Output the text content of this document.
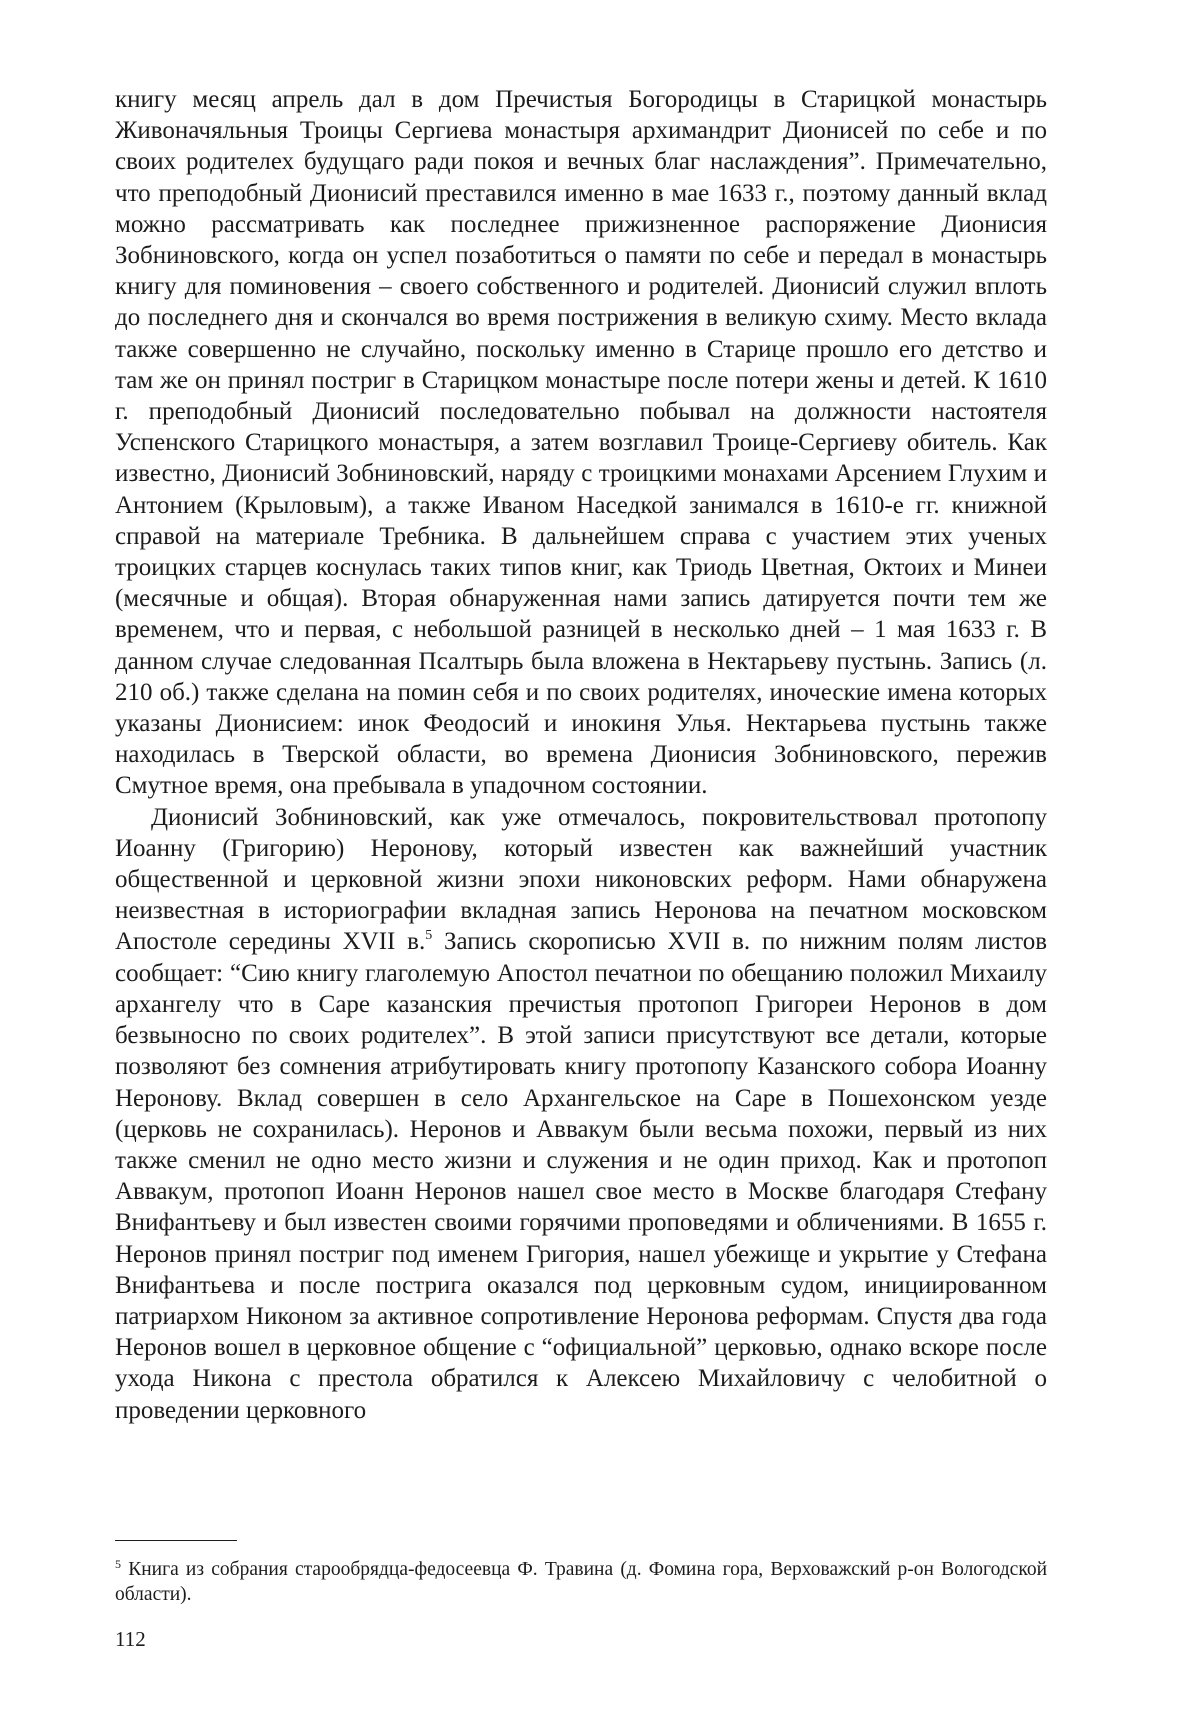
книгу месяц апрель дал в дом Пречистыя Богородицы в Старицкой монастырь Живоначяльныя Троицы Сергиева монастыря архимандрит Дионисей по себе и по своих родителех будущаго ради покоя и вечных благ наслаждения”. Примечательно, что преподобный Дионисий преставился именно в мае 1633 г., поэтому данный вклад можно рассматривать как последнее прижизненное распоряжение Дионисия Зобниновского, когда он успел позаботиться о памяти по себе и передал в монастырь книгу для поминовения – своего собственного и родителей. Дионисий служил вплоть до последнего дня и скончался во время пострижения в великую схиму. Место вклада также совершенно не случайно, поскольку именно в Старице прошло его детство и там же он принял постриг в Старицком монастыре после потери жены и детей. К 1610 г. преподобный Дионисий последовательно побывал на должности настоятеля Успенского Старицкого монастыря, а затем возглавил Троице-Сергиеву обитель. Как известно, Дионисий Зобниновский, наряду с троицкими монахами Арсением Глухим и Антонием (Крыловым), а также Иваном Наседкой занимался в 1610-е гг. книжной справой на материале Требника. В дальнейшем справа с участием этих ученых троицких старцев коснулась таких типов книг, как Триодь Цветная, Октоих и Минеи (месячные и общая). Вторая обнаруженная нами запись датируется почти тем же временем, что и первая, с небольшой разницей в несколько дней – 1 мая 1633 г. В данном случае следованная Псалтырь была вложена в Нектарьеву пустынь. Запись (л. 210 об.) также сделана на помин себя и по своих родителях, иноческие имена которых указаны Дионисием: инок Феодосий и инокиня Улья. Нектарьева пустынь также находилась в Тверской области, во времена Дионисия Зобниновского, пережив Смутное время, она пребывала в упадочном состоянии.

Дионисий Зобниновский, как уже отмечалось, покровительствовал протопопу Иоанну (Григорию) Неронову, который известен как важнейший участник общественной и церковной жизни эпохи никоновских реформ. Нами обнаружена неизвестная в историографии вкладная запись Неронова на печатном московском Апостоле середины XVII в.$^5$ Запись скорописью XVII в. по нижним полям листов сообщает: “Сию книгу глаголемую Апостол печатнои по обещанию положил Михаилу архангелу что в Саре казанския пречистыя протопоп Григореи Неронов в дом безвыносно по своих родителех”. В этой записи присутствуют все детали, которые позволяют без сомнения атрибутировать книгу протопопу Казанского собора Иоанну Неронову. Вклад совершен в село Архангельское на Саре в Пошехонском уезде (церковь не сохранилась). Неронов и Аввакум были весьма похожи, первый из них также сменил не одно место жизни и служения и не один приход. Как и протопоп Аввакум, протопоп Иоанн Неронов нашел свое место в Москве благодаря Стефану Внифантьеву и был известен своими горячими проповедями и обличениями. В 1655 г. Неронов принял постриг под именем Григория, нашел убежище и укрытие у Стефана Внифантьева и после пострига оказался под церковным судом, инициированном патриархом Никоном за активное сопротивление Неронова реформам. Спустя два года Неронов вошел в церковное общение с “официальной” церковью, однако вскоре после ухода Никона с престола обратился к Алексею Михайловичу с челобитной о проведении церковного

$^5$ Книга из собрания старообрядца-федосеевца Ф. Травина (д. Фомина гора, Верховажский р-он Вологодской области).

112
